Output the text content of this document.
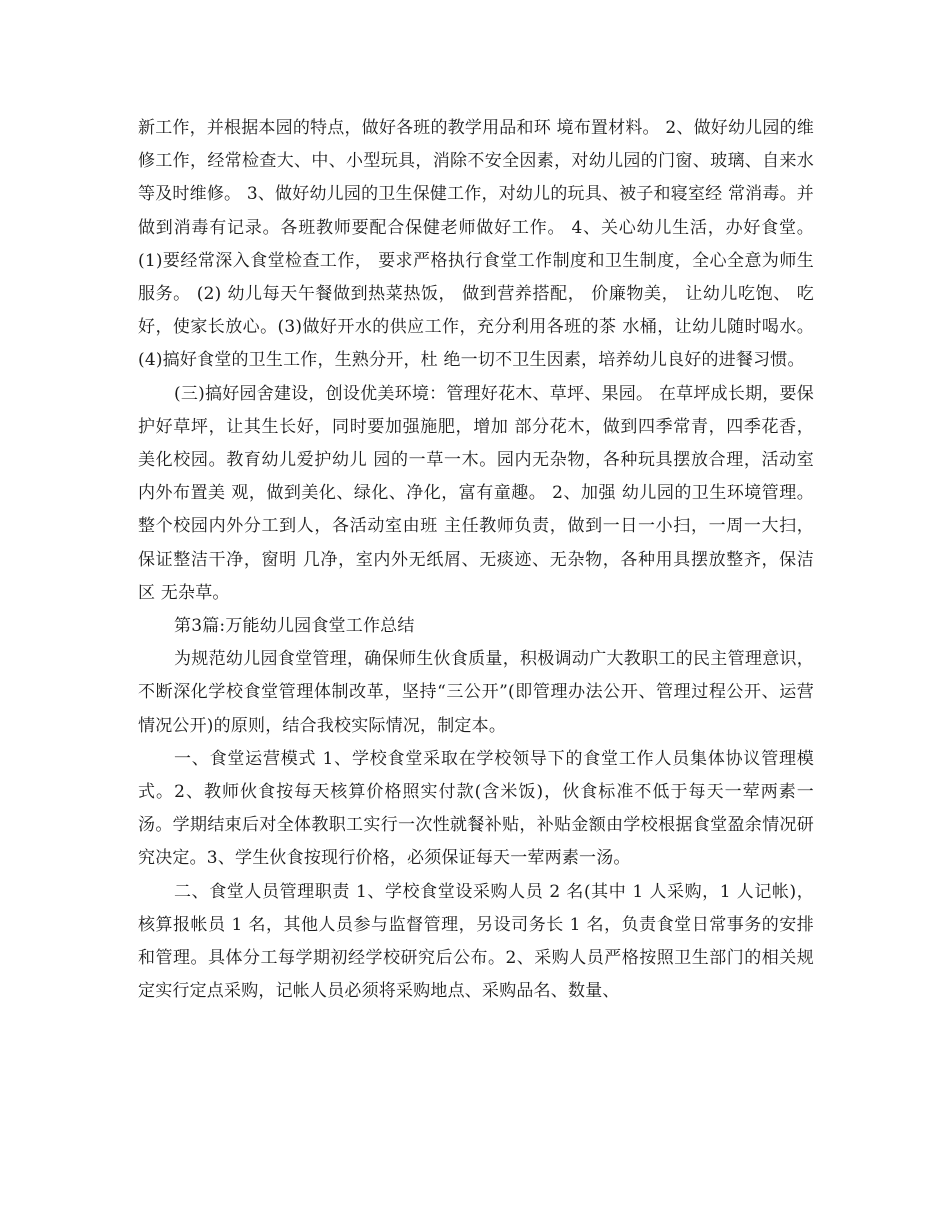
新工作，并根据本园的特点，做好各班的教学用品和环 境布置材料。 2、做好幼儿园的维修工作，经常检查大、中、小型玩具，消除不安全因素，对幼儿园的门窗、玻璃、自来水等及时维修。 3、做好幼儿园的卫生保健工作，对幼儿的玩具、被子和寝室经 常消毒。并做到消毒有记录。各班教师要配合保健老师做好工作。 4、关心幼儿生活，办好食堂。(1)要经常深入食堂检查工作， 要求严格执行食堂工作制度和卫生制度，全心全意为师生服务。 (2) 幼儿每天午餐做到热菜热饭， 做到营养搭配， 价廉物美， 让幼儿吃饱、 吃好，使家长放心。(3)做好开水的供应工作，充分利用各班的茶 水桶，让幼儿随时喝水。(4)搞好食堂的卫生工作，生熟分开，杜 绝一切不卫生因素，培养幼儿良好的进餐习惯。

(三)搞好园舍建设，创设优美环境：管理好花木、草坪、果园。 在草坪成长期，要保护好草坪，让其生长好，同时要加强施肥，增加 部分花木，做到四季常青，四季花香，美化校园。教育幼儿爱护幼儿 园的一草一木。园内无杂物，各种玩具摆放合理，活动室内外布置美 观，做到美化、绿化、净化，富有童趣。 2、加强 幼儿园的卫生环境管理。整个校园内外分工到人，各活动室由班 主任教师负责，做到一日一小扫，一周一大扫，保证整洁干净，窗明 几净，室内外无纸屑、无痰迹、无杂物，各种用具摆放整齐，保洁区 无杂草。

第3篇:万能幼儿园食堂工作总结

为规范幼儿园食堂管理，确保师生伙食质量，积极调动广大教职工的民主管理意识，不断深化学校食堂管理体制改革，坚持“三公开”(即管理办法公开、管理过程公开、运营情况公开)的原则，结合我校实际情况，制定本。

一、食堂运营模式 1、学校食堂采取在学校领导下的食堂工作人员集体协议管理模式。2、教师伙食按每天核算价格照实付款(含米饭)，伙食标准不低于每天一荤两素一汤。学期结束后对全体教职工实行一次性就餐补贴，补贴金额由学校根据食堂盈余情况研究决定。3、学生伙食按现行价格，必须保证每天一荤两素一汤。

二、食堂人员管理职责 1、学校食堂设采购人员 2 名(其中 1 人采购，1 人记帐)，核算报帐员 1 名，其他人员参与监督管理，另设司务长 1 名，负责食堂日常事务的安排和管理。具体分工每学期初经学校研究后公布。2、采购人员严格按照卫生部门的相关规定实行定点采购，记帐人员必须将采购地点、采购品名、数量、
